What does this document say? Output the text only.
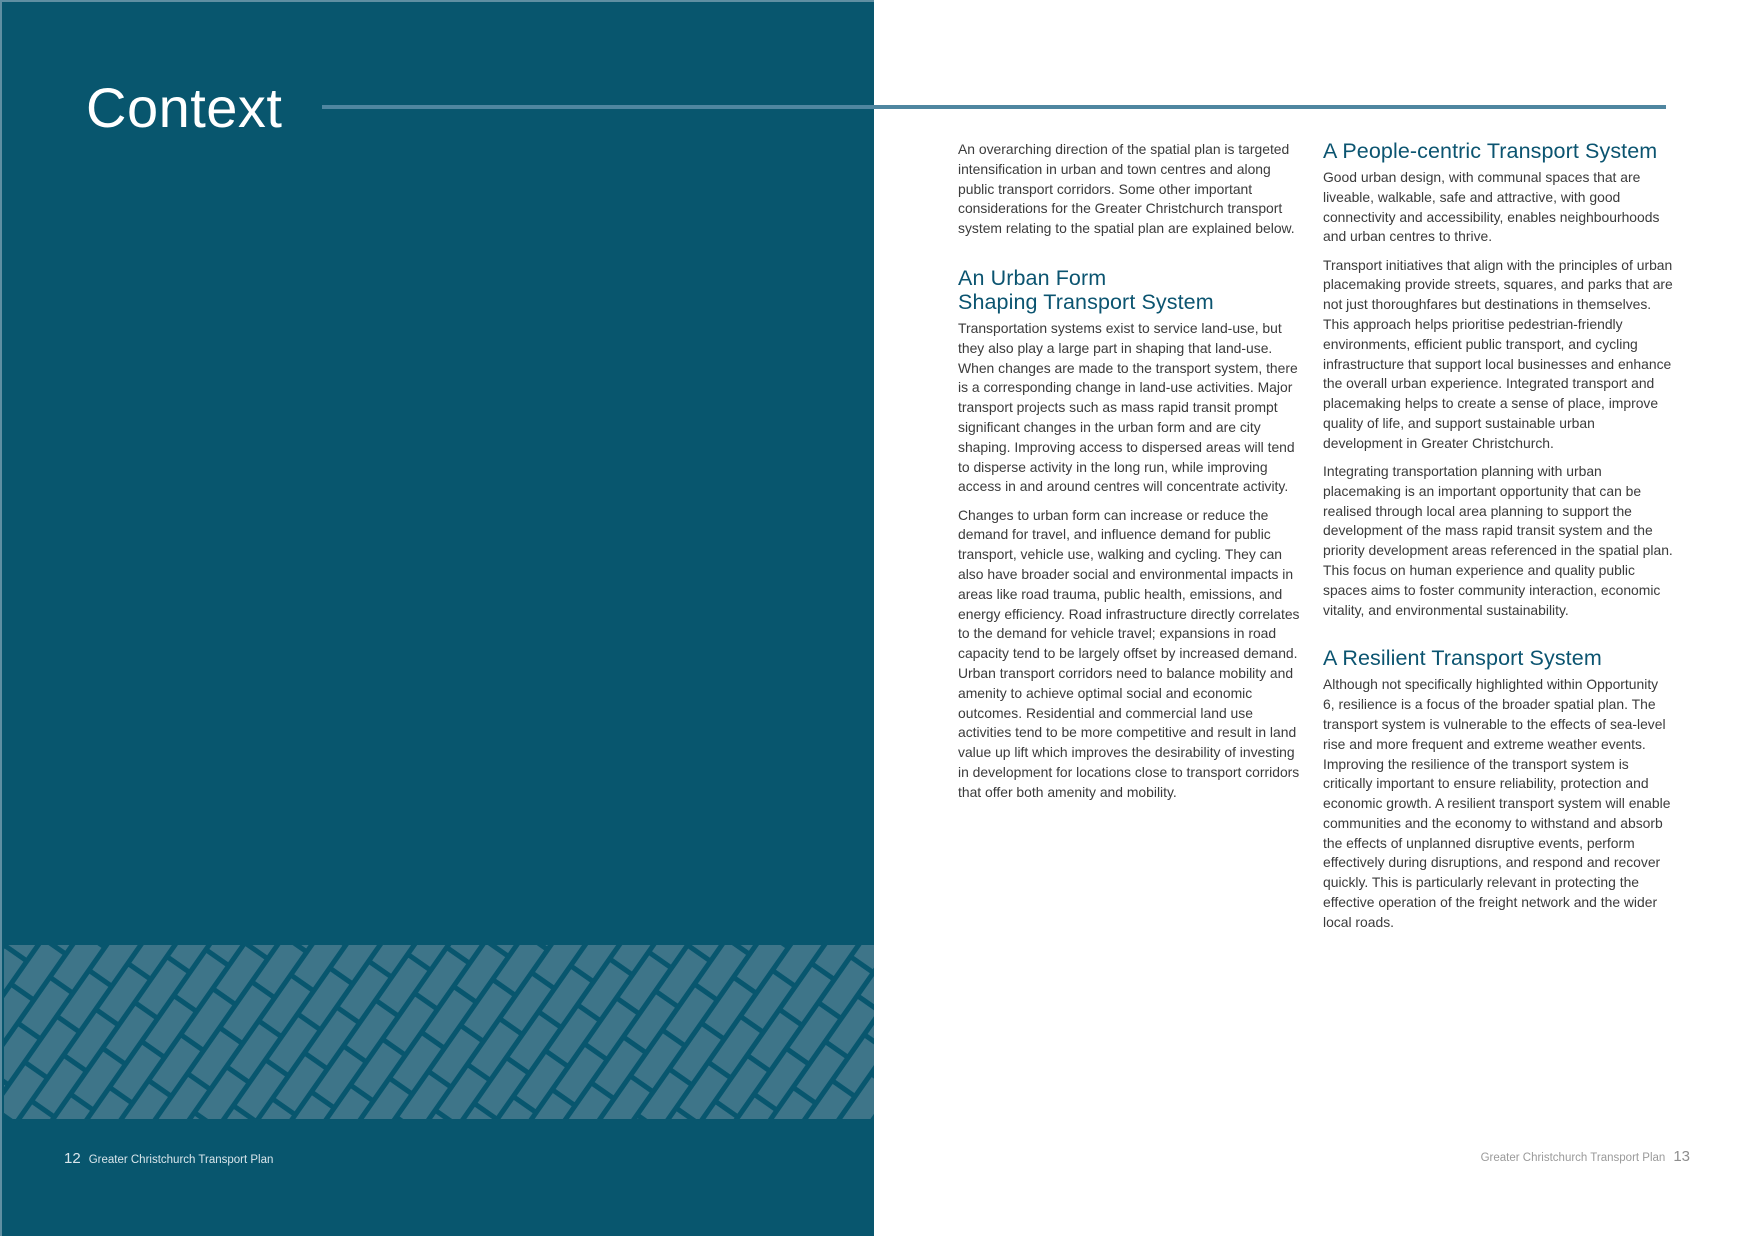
Context
12 Greater Christchurch Transport Plan	Greater Christchurch Transport Plan 13

An overarching direction of the spatial plan is targeted intensification in urban and town centres and along public transport corridors. Some other important considerations for the Greater Christchurch transport system relating to the spatial plan are explained below.

An Urban Form
Shaping Transport System

Transportation systems exist to service land-use, but they also play a large part in shaping that land-use. When changes are made to the transport system, there is a corresponding change in land-use activities. Major transport projects such as mass rapid transit prompt significant changes in the urban form and are city shaping. Improving access to dispersed areas will tend to disperse activity in the long run, while improving access in and around centres will concentrate activity.

Changes to urban form can increase or reduce the demand for travel, and influence demand for public transport, vehicle use, walking and cycling. They can also have broader social and environmental impacts in areas like road trauma, public health, emissions, and energy efficiency. Road infrastructure directly correlates to the demand for vehicle travel; expansions in road capacity tend to be largely offset by increased demand. Urban transport corridors need to balance mobility and amenity to achieve optimal social and economic outcomes. Residential and commercial land use activities tend to be more competitive and result in land value up lift which improves the desirability of investing in development for locations close to transport corridors that offer both amenity and mobility.

A People-centric Transport System

Good urban design, with communal spaces that are liveable, walkable, safe and attractive, with good connectivity and accessibility, enables neighbourhoods and urban centres to thrive.

Transport initiatives that align with the principles of urban placemaking provide streets, squares, and parks that are not just thoroughfares but destinations in themselves. This approach helps prioritise pedestrian-friendly environments, efficient public transport, and cycling infrastructure that support local businesses and enhance the overall urban experience. Integrated transport and placemaking helps to create a sense of place, improve quality of life, and support sustainable urban development in Greater Christchurch.

Integrating transportation planning with urban placemaking is an important opportunity that can be realised through local area planning to support the development of the mass rapid transit system and the priority development areas referenced in the spatial plan. This focus on human experience and quality public spaces aims to foster community interaction, economic vitality, and environmental sustainability.

A Resilient Transport System

Although not specifically highlighted within Opportunity 6, resilience is a focus of the broader spatial plan. The transport system is vulnerable to the effects of sea-level rise and more frequent and extreme weather events. Improving the resilience of the transport system is critically important to ensure reliability, protection and economic growth. A resilient transport system will enable communities and the economy to withstand and absorb the effects of unplanned disruptive events, perform effectively during disruptions, and respond and recover quickly. This is particularly relevant in protecting the effective operation of the freight network and the wider local roads.
